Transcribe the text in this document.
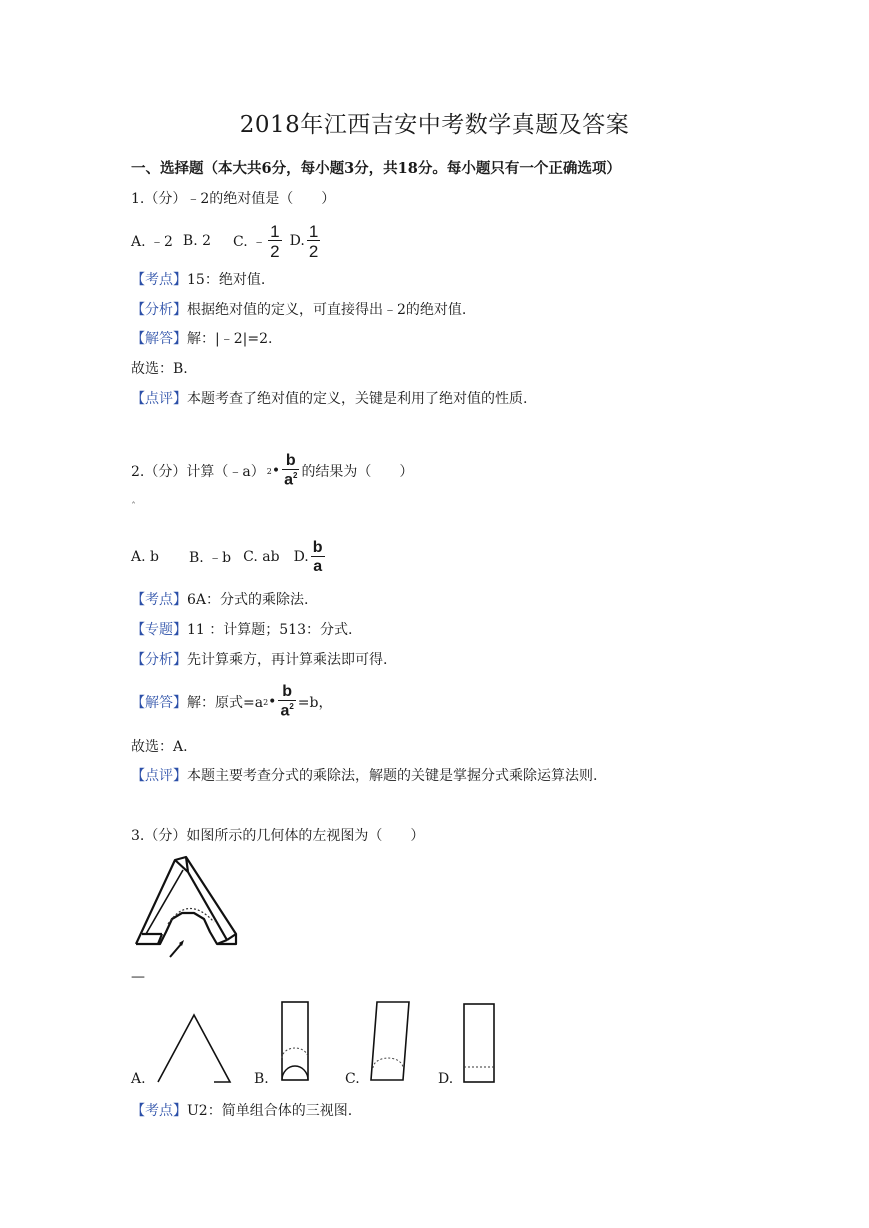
2018年江西吉安中考数学真题及答案
一、选择题（本大共6分，每小题3分，共18分。每小题只有一个正确选项）
1.（分）﹣2的绝对值是（　　）
A. ﹣2 B. 2 C. ﹣ $\frac{1}{2} D$. $\frac{1}{2}$
【考点】15：绝对值.
【分析】根据绝对值的定义，可直接得出﹣2的绝对值.
【解答】解：|﹣2|=2.
故选：B.
【点评】本题考查了绝对值的定义，关键是利用了绝对值的性质.
2.（分）计算（﹣a） 2 • $\frac{b}{a^2}$ 的结果为（　　）
ˆ
A. b B. ﹣b C. ab D. $\frac{b}{a}$
【考点】6A：分式的乘除法.
【专题】11 ：计算题；513：分式.
【分析】先计算乘方，再计算乘法即可得.
【解答】 解：原式=a 2 • $\frac{b}{a^2} =b$，
故选：A.
【点评】本题主要考查分式的乘除法，解题的关键是掌握分式乘除运算法则.
3.（分）如图所示的几何体的左视图为（　　）
—
A.	B.	C.	D.
【考点】U2：简单组合体的三视图.
